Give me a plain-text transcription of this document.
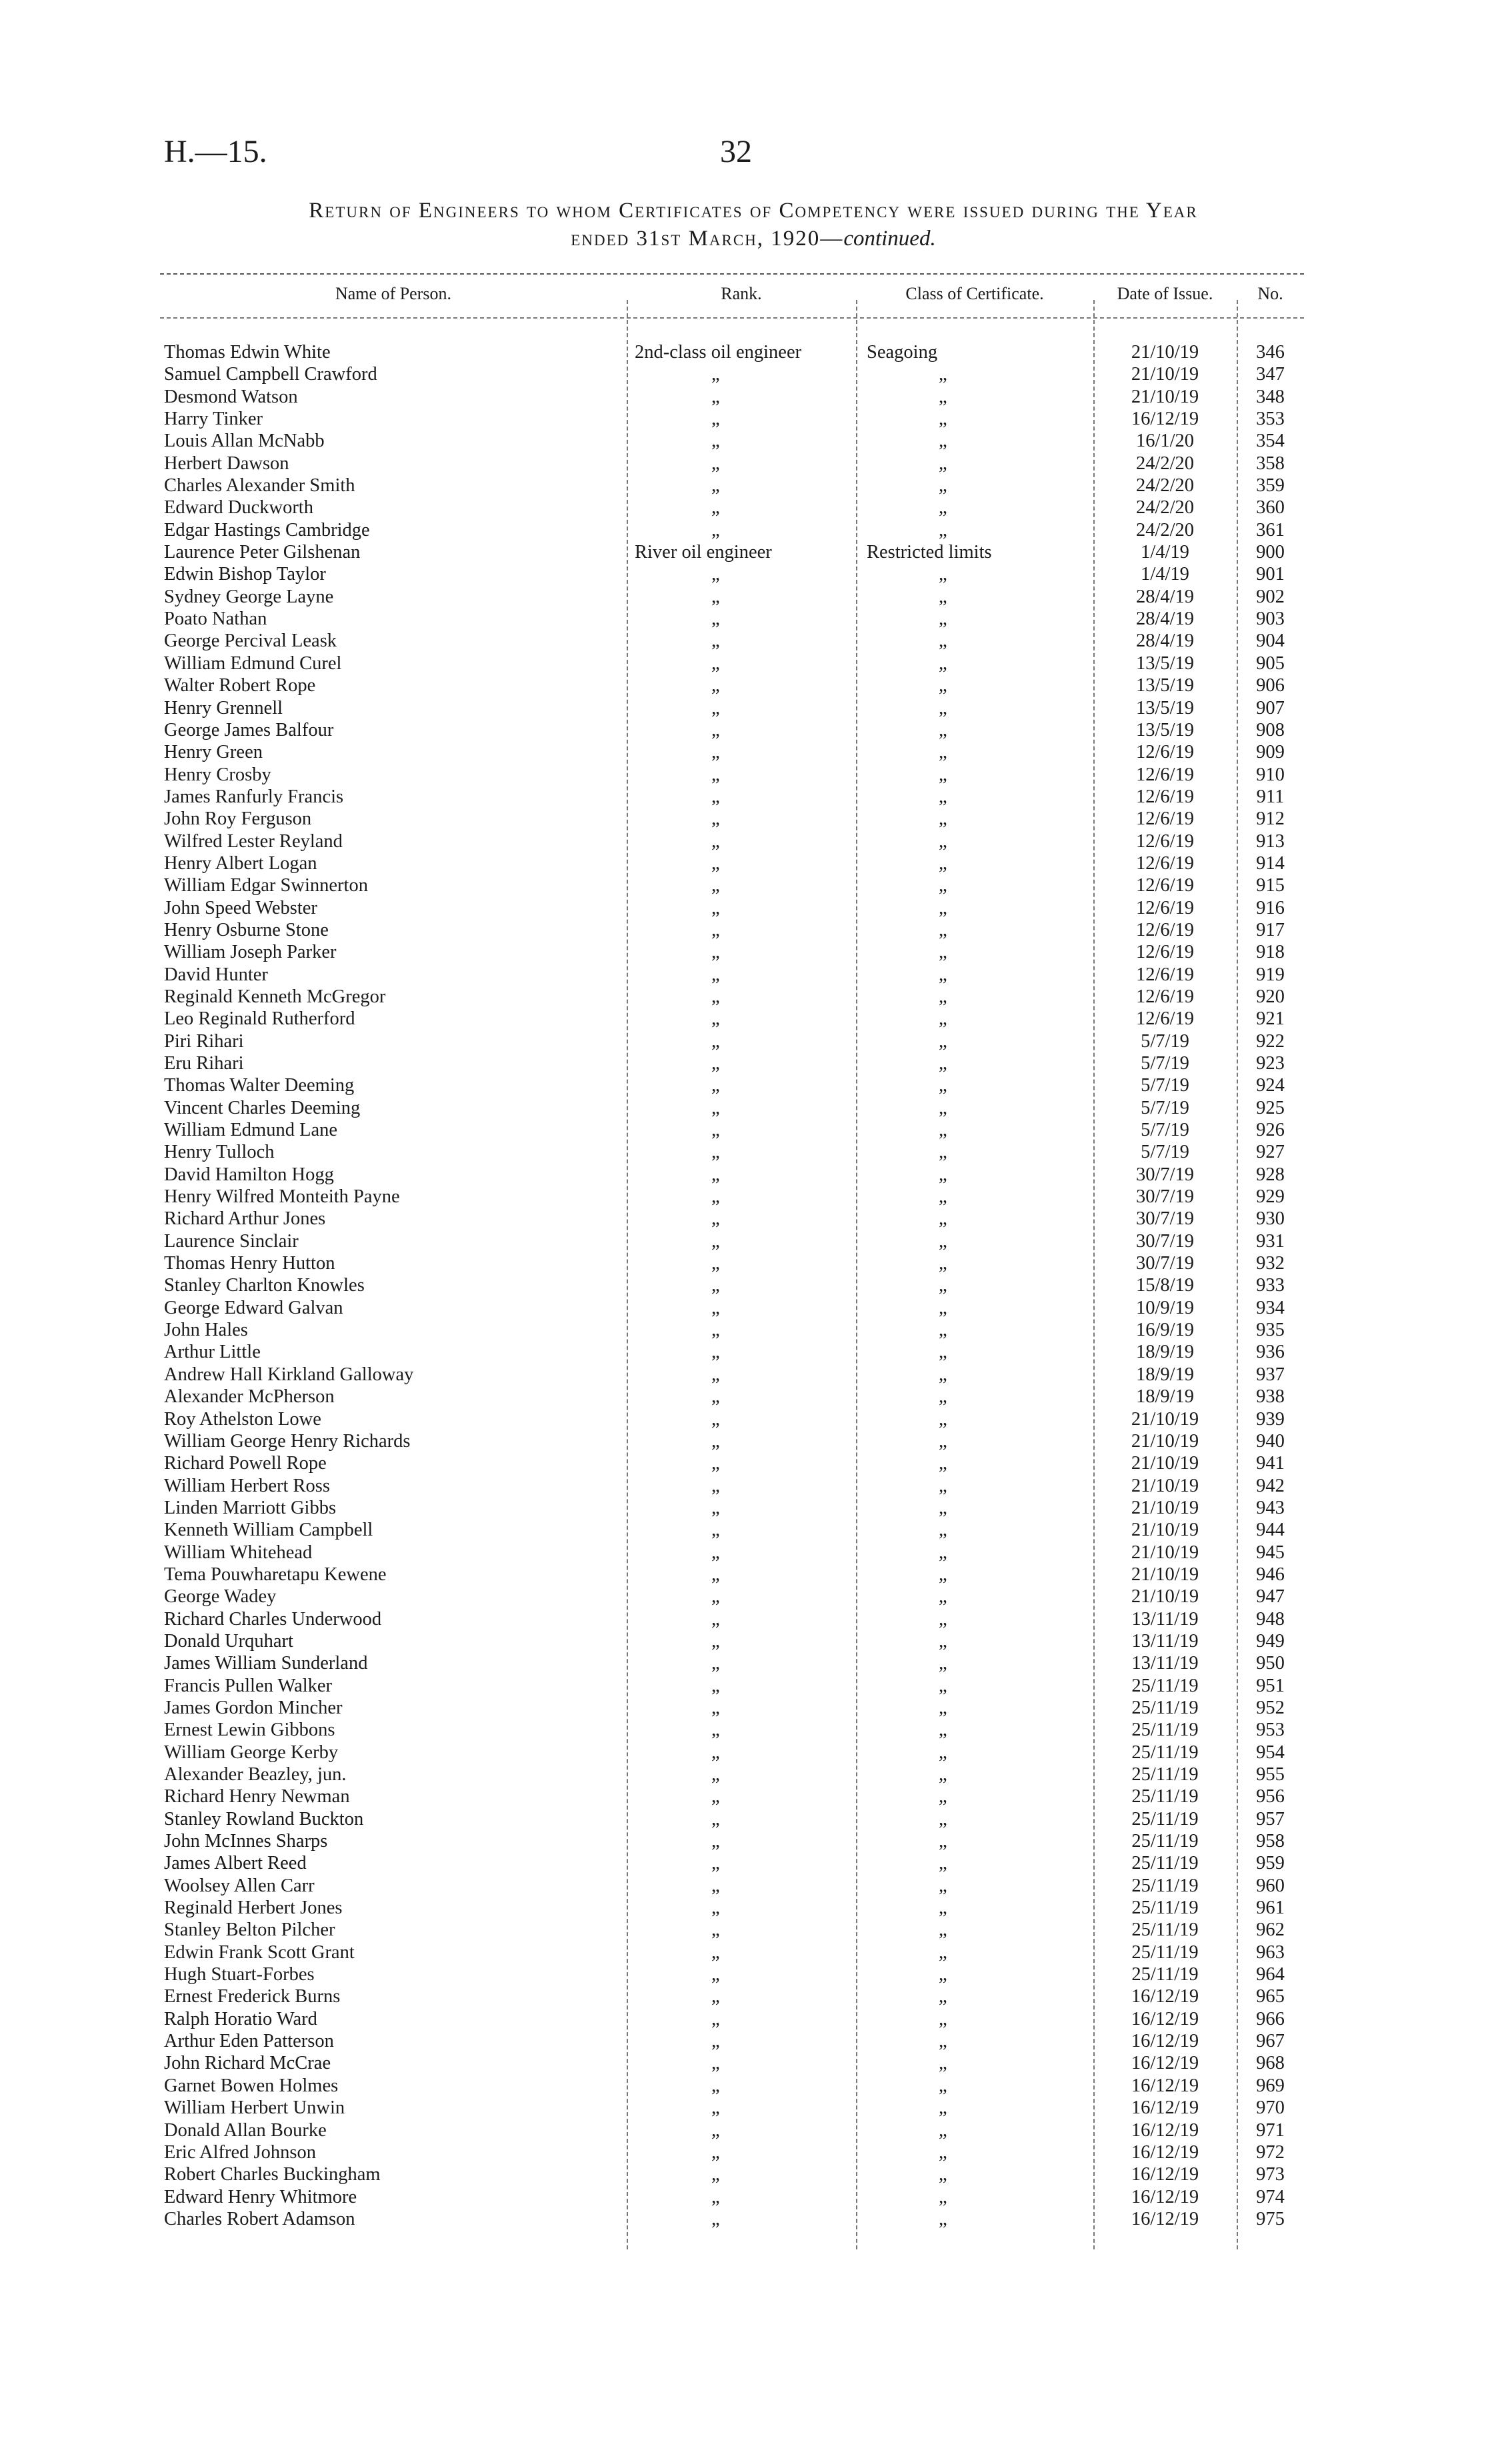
H.—15.	32
Return of Engineers to whom Certificates of Competency were issued during the Year
ended 31st March, 1920—continued.
Name of Person.	Rank.	Class of Certificate.	Date of Issue.	No.
Thomas Edwin White	2nd-class oil engineer	Seagoing	21/10/19	346
Samuel Campbell Crawford	„	„	21/10/19	347
Desmond Watson	„	„	21/10/19	348
Harry Tinker	„	„	16/12/19	353
Louis Allan McNabb	„	„	16/1/20	354
Herbert Dawson	„	„	24/2/20	358
Charles Alexander Smith	„	„	24/2/20	359
Edward Duckworth	„	„	24/2/20	360
Edgar Hastings Cambridge	„	„	24/2/20	361
Laurence Peter Gilshenan	River oil engineer	Restricted limits	1/4/19	900
Edwin Bishop Taylor	„	„	1/4/19	901
Sydney George Layne	„	„	28/4/19	902
Poato Nathan	„	„	28/4/19	903
George Percival Leask	„	„	28/4/19	904
William Edmund Curel	„	„	13/5/19	905
Walter Robert Rope	„	„	13/5/19	906
Henry Grennell	„	„	13/5/19	907
George James Balfour	„	„	13/5/19	908
Henry Green	„	„	12/6/19	909
Henry Crosby	„	„	12/6/19	910
James Ranfurly Francis	„	„	12/6/19	911
John Roy Ferguson	„	„	12/6/19	912
Wilfred Lester Reyland	„	„	12/6/19	913
Henry Albert Logan	„	„	12/6/19	914
William Edgar Swinnerton	„	„	12/6/19	915
John Speed Webster	„	„	12/6/19	916
Henry Osburne Stone	„	„	12/6/19	917
William Joseph Parker	„	„	12/6/19	918
David Hunter	„	„	12/6/19	919
Reginald Kenneth McGregor	„	„	12/6/19	920
Leo Reginald Rutherford	„	„	12/6/19	921
Piri Rihari	„	„	5/7/19	922
Eru Rihari	„	„	5/7/19	923
Thomas Walter Deeming	„	„	5/7/19	924
Vincent Charles Deeming	„	„	5/7/19	925
William Edmund Lane	„	„	5/7/19	926
Henry Tulloch	„	„	5/7/19	927
David Hamilton Hogg	„	„	30/7/19	928
Henry Wilfred Monteith Payne	„	„	30/7/19	929
Richard Arthur Jones	„	„	30/7/19	930
Laurence Sinclair	„	„	30/7/19	931
Thomas Henry Hutton	„	„	30/7/19	932
Stanley Charlton Knowles	„	„	15/8/19	933
George Edward Galvan	„	„	10/9/19	934
John Hales	„	„	16/9/19	935
Arthur Little	„	„	18/9/19	936
Andrew Hall Kirkland Galloway	„	„	18/9/19	937
Alexander McPherson	„	„	18/9/19	938
Roy Athelston Lowe	„	„	21/10/19	939
William George Henry Richards	„	„	21/10/19	940
Richard Powell Rope	„	„	21/10/19	941
William Herbert Ross	„	„	21/10/19	942
Linden Marriott Gibbs	„	„	21/10/19	943
Kenneth William Campbell	„	„	21/10/19	944
William Whitehead	„	„	21/10/19	945
Tema Pouwharetapu Kewene	„	„	21/10/19	946
George Wadey	„	„	21/10/19	947
Richard Charles Underwood	„	„	13/11/19	948
Donald Urquhart	„	„	13/11/19	949
James William Sunderland	„	„	13/11/19	950
Francis Pullen Walker	„	„	25/11/19	951
James Gordon Mincher	„	„	25/11/19	952
Ernest Lewin Gibbons	„	„	25/11/19	953
William George Kerby	„	„	25/11/19	954
Alexander Beazley, jun.	„	„	25/11/19	955
Richard Henry Newman	„	„	25/11/19	956
Stanley Rowland Buckton	„	„	25/11/19	957
John McInnes Sharps	„	„	25/11/19	958
James Albert Reed	„	„	25/11/19	959
Woolsey Allen Carr	„	„	25/11/19	960
Reginald Herbert Jones	„	„	25/11/19	961
Stanley Belton Pilcher	„	„	25/11/19	962
Edwin Frank Scott Grant	„	„	25/11/19	963
Hugh Stuart-Forbes	„	„	25/11/19	964
Ernest Frederick Burns	„	„	16/12/19	965
Ralph Horatio Ward	„	„	16/12/19	966
Arthur Eden Patterson	„	„	16/12/19	967
John Richard McCrae	„	„	16/12/19	968
Garnet Bowen Holmes	„	„	16/12/19	969
William Herbert Unwin	„	„	16/12/19	970
Donald Allan Bourke	„	„	16/12/19	971
Eric Alfred Johnson	„	„	16/12/19	972
Robert Charles Buckingham	„	„	16/12/19	973
Edward Henry Whitmore	„	„	16/12/19	974
Charles Robert Adamson	„	„	16/12/19	975
